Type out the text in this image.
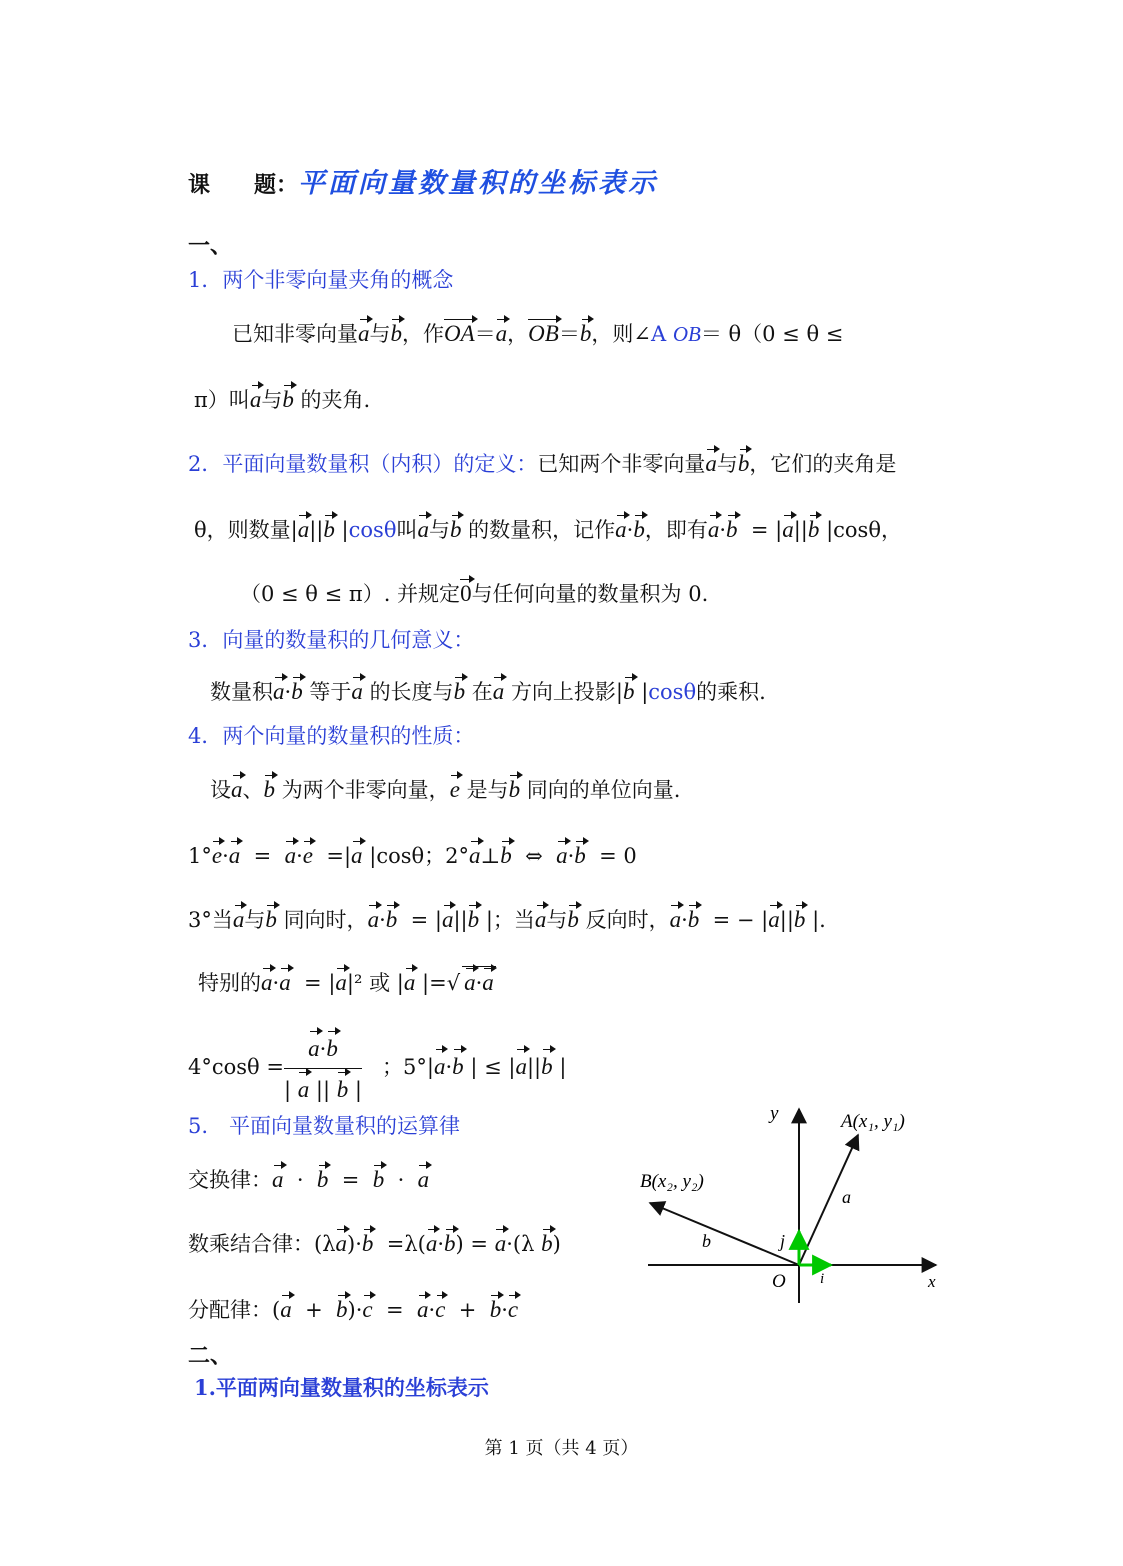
课　　题：平面向量数量积的坐标表示
一、
1．两个非零向量夹角的概念
已知非零向量a与b，作OA＝a，OB＝b，则∠A OB＝ θ（0 ≤ θ ≤
π）叫a与b 的夹角.
2．平面向量数量积（内积）的定义：已知两个非零向量a与b，它们的夹角是
θ，则数量|a||b |cosθ叫a与b 的数量积，记作a·b，即有a·b  = |a||b |cosθ，
（0 ≤ θ ≤ π）. 并规定0与任何向量的数量积为 0.
3．向量的数量积的几何意义：
数量积a·b 等于a 的长度与b 在a 方向上投影|b |cosθ的乘积.
4．两个向量的数量积的性质：
设a、b 为两个非零向量，e 是与b 同向的单位向量.
1°e·a = a·e =|a |cosθ；2°a⊥b ⇔ a·b = 0
3°当a与b 同向时，a·b = |a||b |；当a与b 反向时，a·b = − |a||b |.
特别的a·a = |a|² 或 |a |=√ a·a
$4^\circ\cos\theta = \frac{a\cdot b}{| a || b |}$ ；5°|a·b | ≤ |a||b |
5.　平面向量数量积的运算律
交换律：a  ·  b = b  ·  a
数乘结合律：(λa)·b =λ(a·b) = a·(λ b)
分配律：(a + b)·c = a·c + b·c
二、
1.平面两向量数量积的坐标表示
y
x
O i
j
a
b
A(x₁, y₁)
B(x₂, y₂)
第 1 页（共 4 页）
